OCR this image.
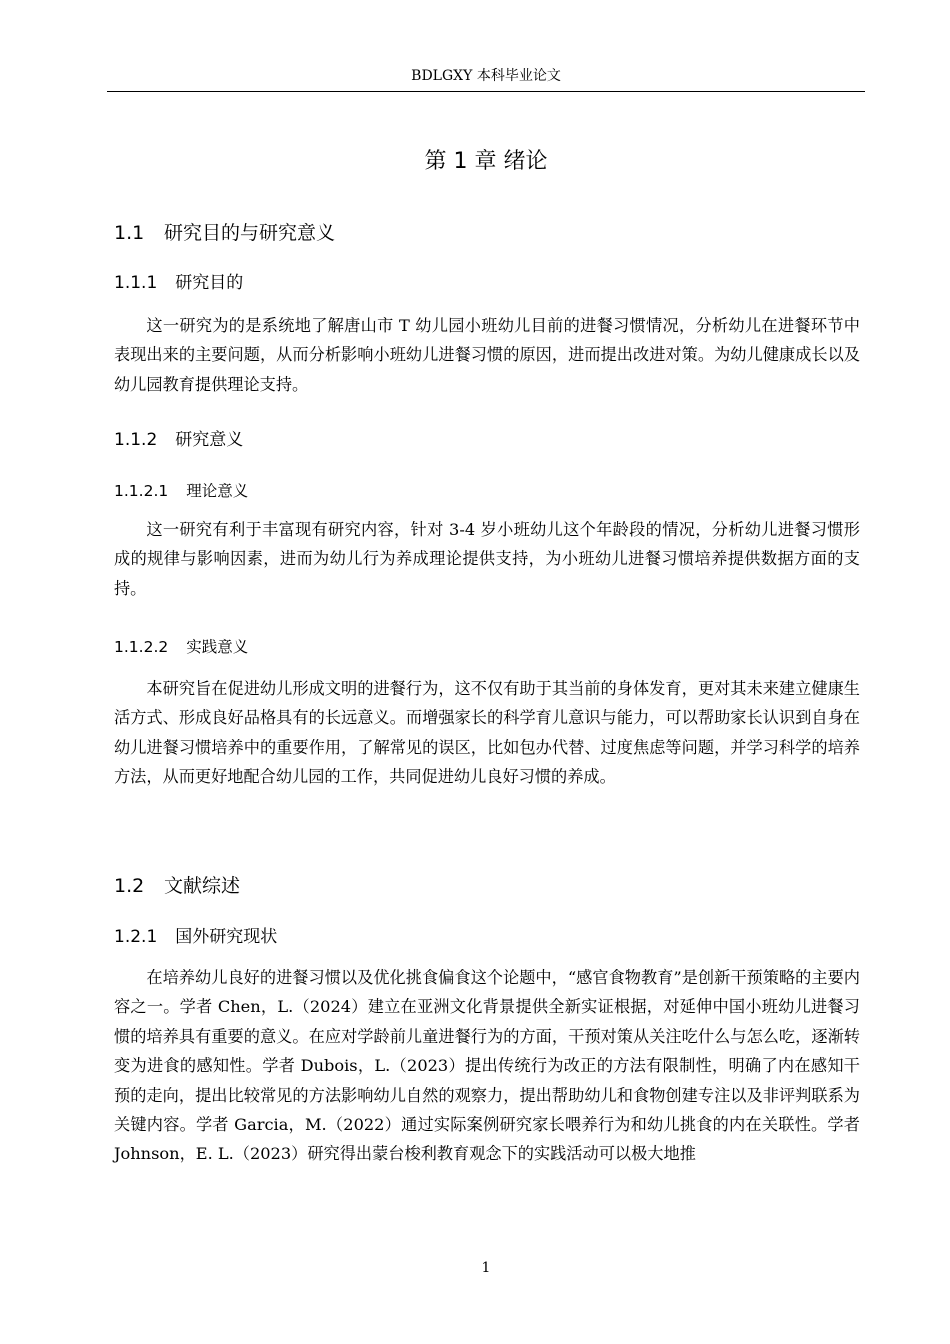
BDLGXY 本科毕业论文
第 1 章 绪论
1.1 研究目的与研究意义
1.1.1 研究目的

这一研究为的是系统地了解唐山市 T 幼儿园小班幼儿目前的进餐习惯情况，分析幼儿在进餐环节中表现出来的主要问题，从而分析影响小班幼儿进餐习惯的原因，进而提出改进对策。为幼儿健康成长以及幼儿园教育提供理论支持。

1.1.2 研究意义
1.1.2.1 理论意义

这一研究有利于丰富现有研究内容，针对 3-4 岁小班幼儿这个年龄段的情况，分析幼儿进餐习惯形成的规律与影响因素，进而为幼儿行为养成理论提供支持，为小班幼儿进餐习惯培养提供数据方面的支持。

1.1.2.2 实践意义

本研究旨在促进幼儿形成文明的进餐行为，这不仅有助于其当前的身体发育，更对其未来建立健康生活方式、形成良好品格具有的长远意义。而增强家长的科学育儿意识与能力，可以帮助家长认识到自身在幼儿进餐习惯培养中的重要作用，了解常见的误区，比如包办代替、过度焦虑等问题，并学习科学的培养方法，从而更好地配合幼儿园的工作，共同促进幼儿良好习惯的养成。

1.2 文献综述
1.2.1 国外研究现状

在培养幼儿良好的进餐习惯以及优化挑食偏食这个论题中，“感官食物教育”是创新干预策略的主要内容之一。学者 Chen，L.（2024）建立在亚洲文化背景提供全新实证根据，对延伸中国小班幼儿进餐习惯的培养具有重要的意义。在应对学龄前儿童进餐行为的方面，干预对策从关注吃什么与怎么吃，逐渐转变为进食的感知性。学者 Dubois，L.（2023）提出传统行为改正的方法有限制性，明确了内在感知干预的走向，提出比较常见的方法影响幼儿自然的观察力，提出帮助幼儿和食物创建专注以及非评判联系为关键内容。学者 Garcia，M.（2022）通过实际案例研究家长喂养行为和幼儿挑食的内在关联性。学者 Johnson，E. L.（2023）研究得出蒙台梭利教育观念下的实践活动可以极大地推

1
